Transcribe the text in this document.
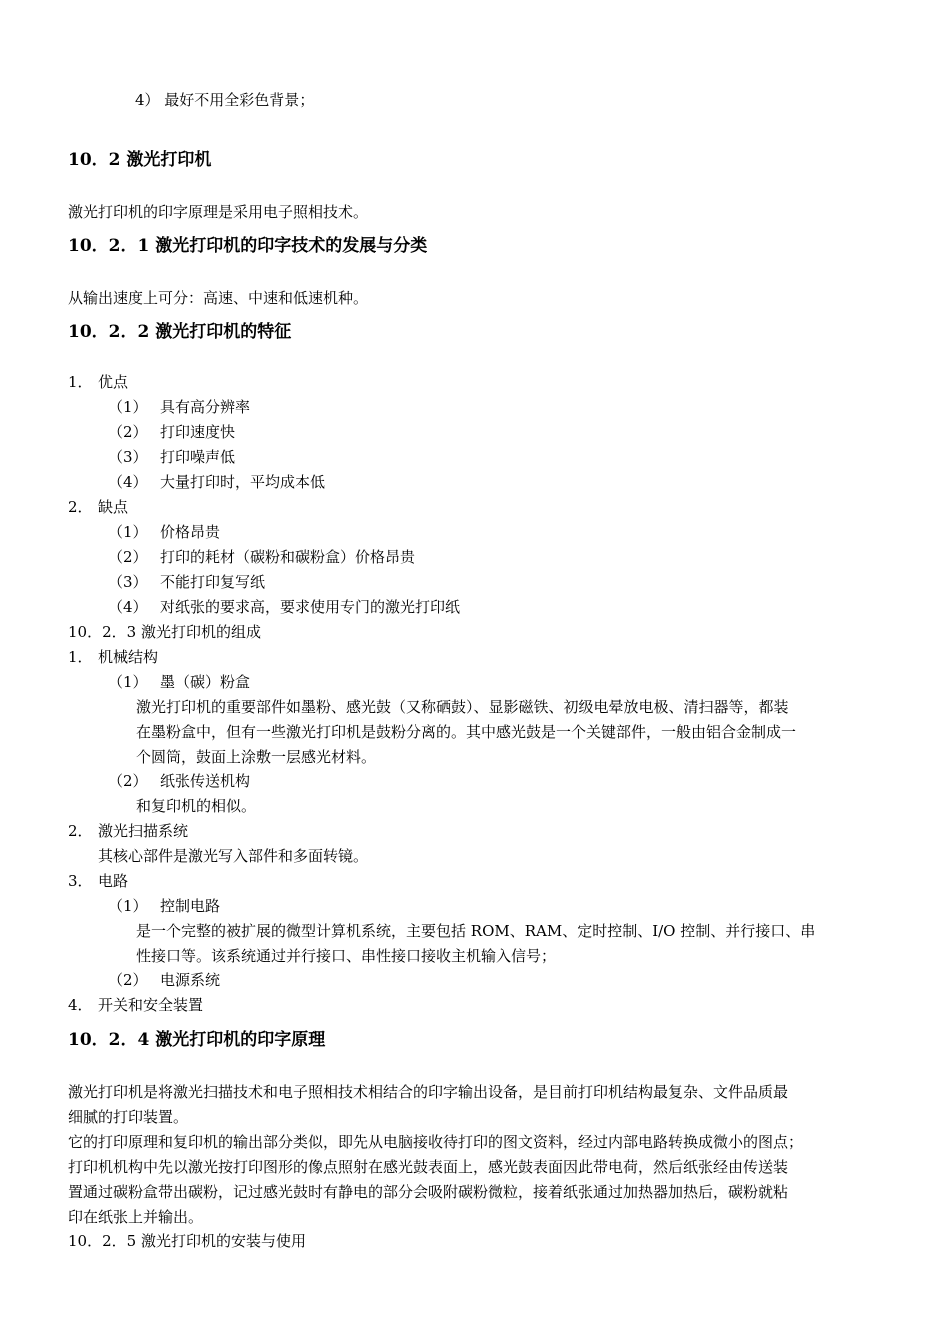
4） 最好不用全彩色背景；
10．2 激光打印机
激光打印机的印字原理是采用电子照相技术。
10．2．1 激光打印机的印字技术的发展与分类
从输出速度上可分：高速、中速和低速机种。
10．2．2 激光打印机的特征
1． 优点
（1） 具有高分辨率
（2） 打印速度快
（3） 打印噪声低
（4） 大量打印时，平均成本低
2． 缺点
（1） 价格昂贵
（2） 打印的耗材（碳粉和碳粉盒）价格昂贵
（3） 不能打印复写纸
（4） 对纸张的要求高，要求使用专门的激光打印纸
10．2．3 激光打印机的组成
1． 机械结构
（1） 墨（碳）粉盒
激光打印机的重要部件如墨粉、感光鼓（又称硒鼓）、显影磁铁、初级电晕放电极、清扫器等，都装
在墨粉盒中，但有一些激光打印机是鼓粉分离的。其中感光鼓是一个关键部件，一般由铝合金制成一
个圆筒，鼓面上涂敷一层感光材料。
（2） 纸张传送机构
和复印机的相似。
2． 激光扫描系统
其核心部件是激光写入部件和多面转镜。
3． 电路
（1） 控制电路
是一个完整的被扩展的微型计算机系统，主要包括 ROM、RAM、定时控制、I/O 控制、并行接口、串
性接口等。该系统通过并行接口、串性接口接收主机输入信号；
（2） 电源系统
4． 开关和安全装置
10．2．4 激光打印机的印字原理
激光打印机是将激光扫描技术和电子照相技术相结合的印字输出设备，是目前打印机结构最复杂、文件品质最
细腻的打印装置。
它的打印原理和复印机的输出部分类似，即先从电脑接收待打印的图文资料，经过内部电路转换成微小的图点；
打印机机构中先以激光按打印图形的像点照射在感光鼓表面上，感光鼓表面因此带电荷，然后纸张经由传送装
置通过碳粉盒带出碳粉，记过感光鼓时有静电的部分会吸附碳粉微粒，接着纸张通过加热器加热后，碳粉就粘
印在纸张上并输出。
10．2．5 激光打印机的安装与使用
